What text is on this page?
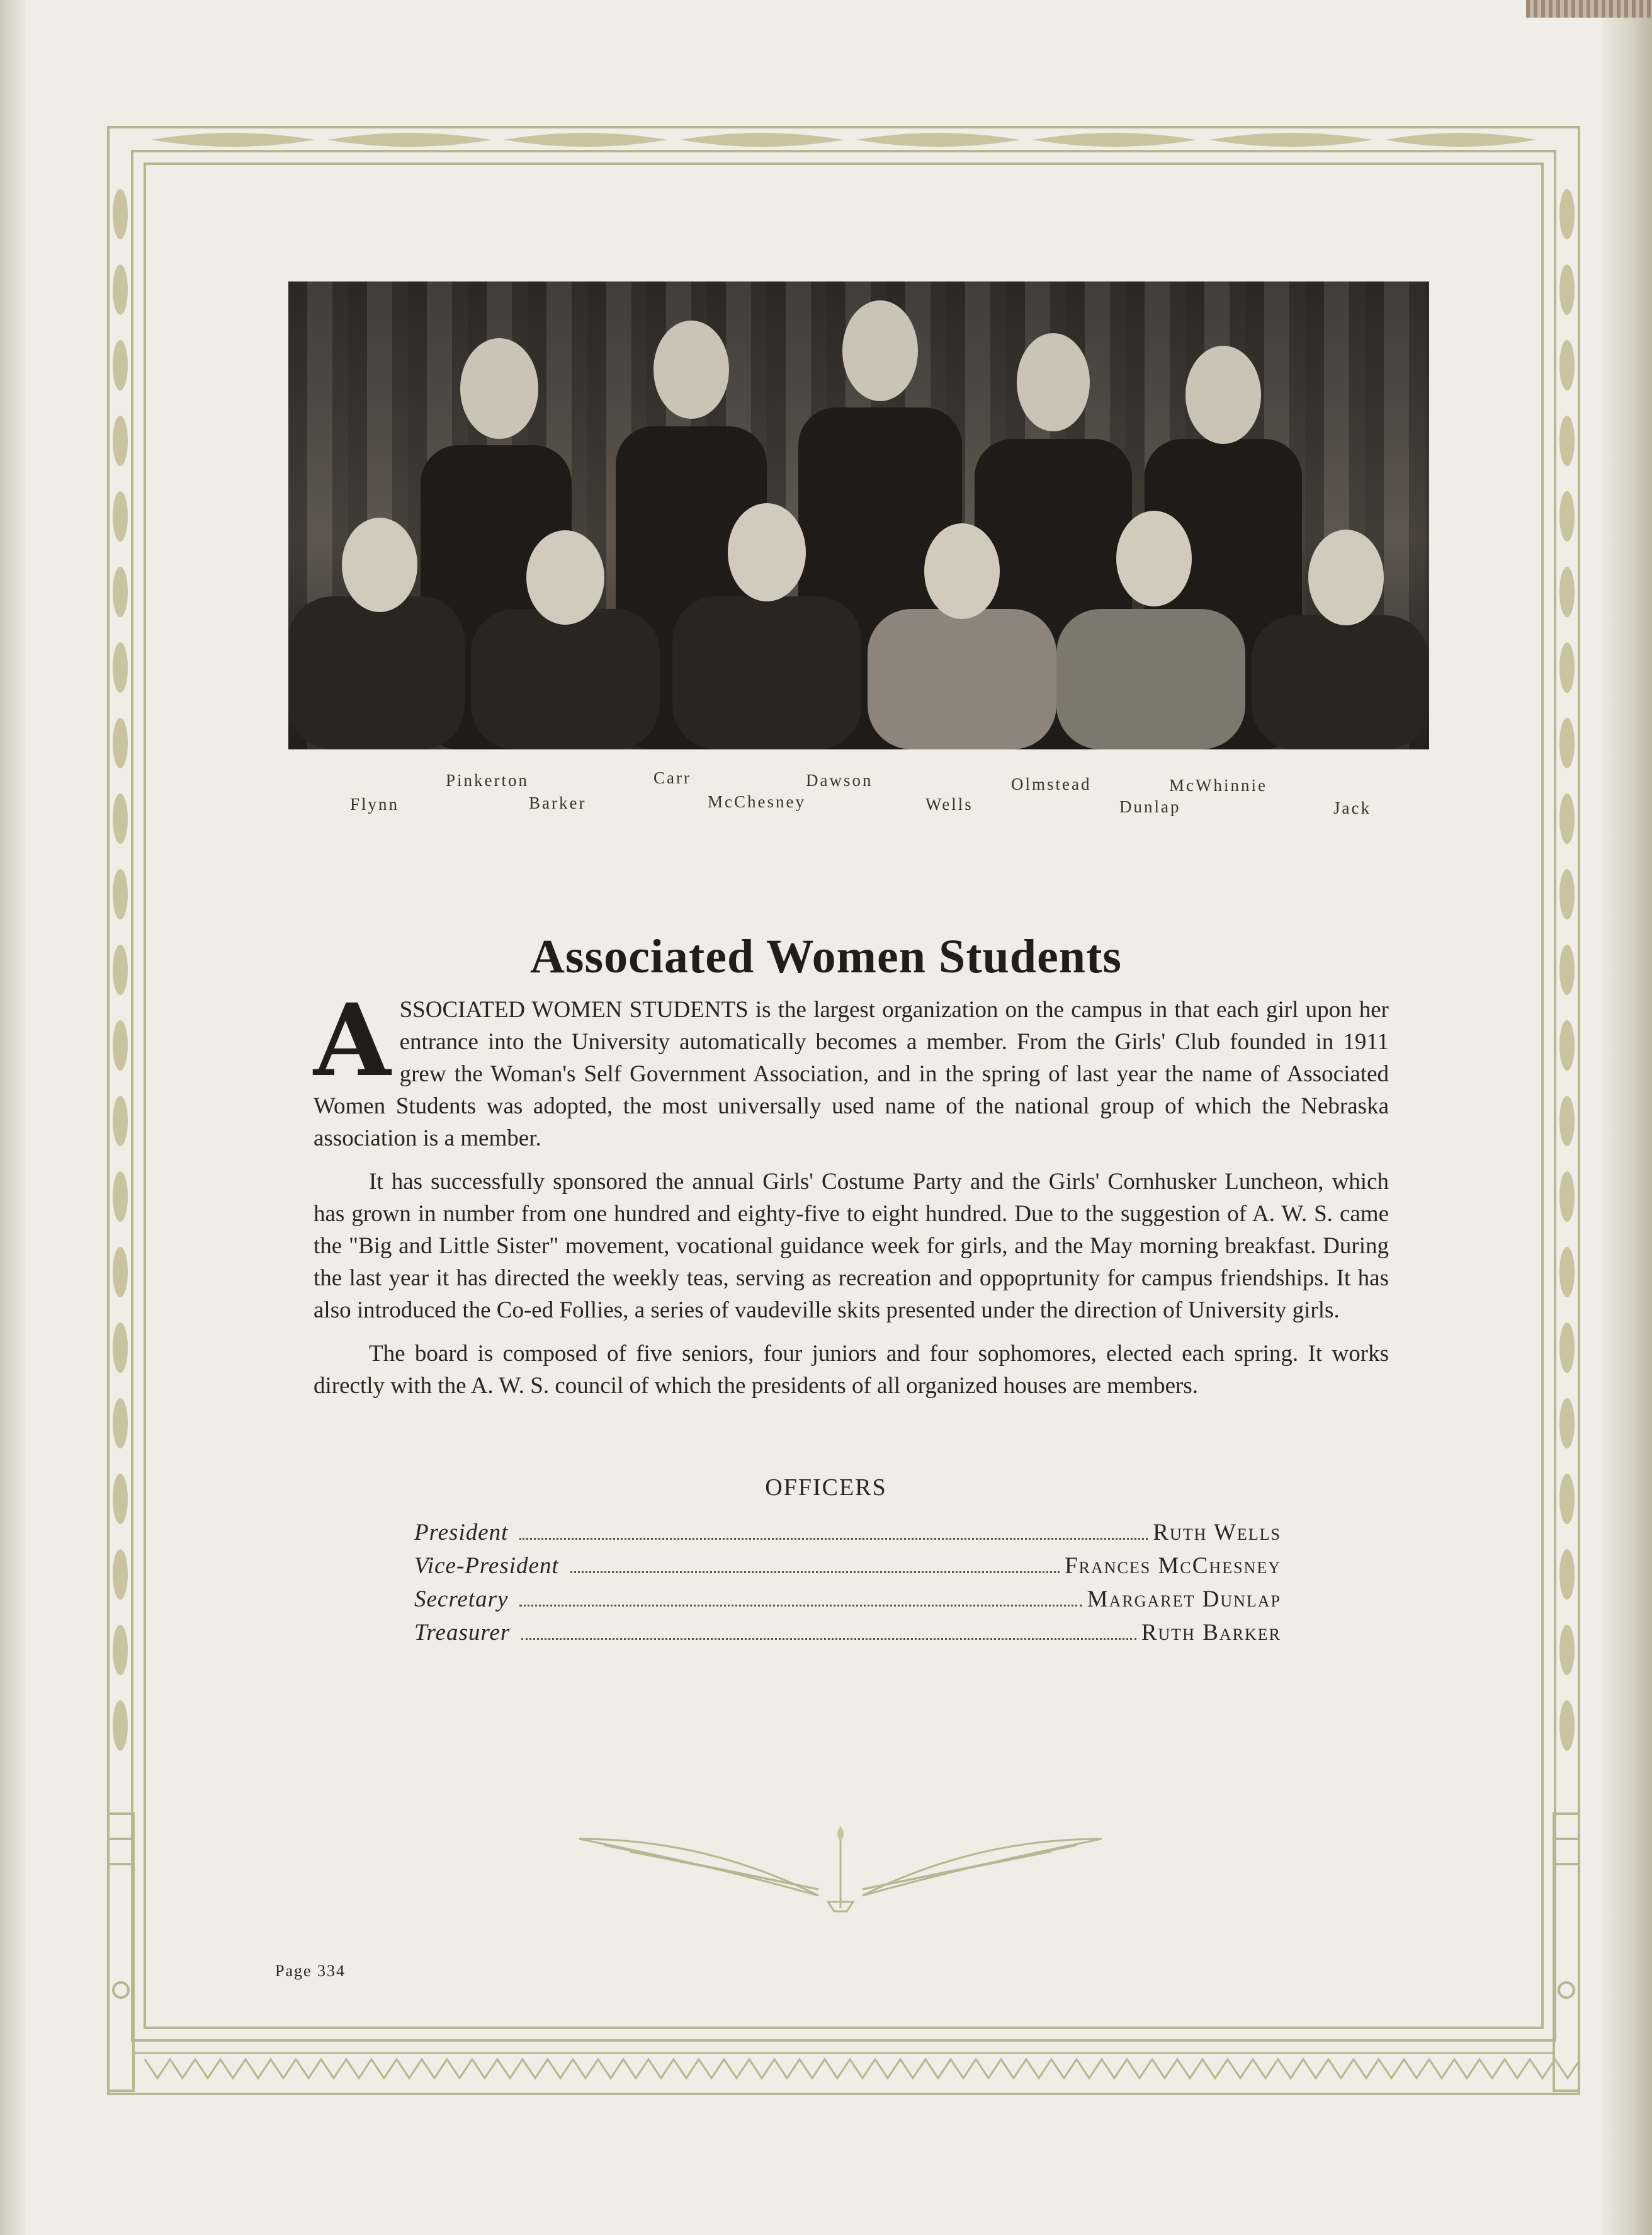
Pinkerton	Carr	Dawson	Olmstead	McWhinnie
Flynn	Barker	McChesney	Wells	Dunlap	Jack
Associated Women Students

ASSOCIATED WOMEN STUDENTS is the largest organization on the campus in that each girl upon her entrance into the University automatically becomes a member. From the Girls' Club founded in 1911 grew the Woman's Self Government Association, and in the spring of last year the name of Associated Women Students was adopted, the most universally used name of the national group of which the Nebraska association is a member.

It has successfully sponsored the annual Girls' Costume Party and the Girls' Cornhusker Luncheon, which has grown in number from one hundred and eighty-five to eight hundred. Due to the suggestion of A. W. S. came the "Big and Little Sister" movement, vocational guidance week for girls, and the May morning breakfast. During the last year it has directed the weekly teas, serving as recreation and oppoprtunity for campus friendships. It has also introduced the Co-ed Follies, a series of vaudeville skits presented under the direction of University girls.

The board is composed of five seniors, four juniors and four sophomores, elected each spring. It works directly with the A. W. S. council of which the presidents of all organized houses are members.

OFFICERS
President	Ruth Wells
Vice-President	Frances McChesney
Secretary	Margaret Dunlap
Treasurer	Ruth Barker
Page 334
